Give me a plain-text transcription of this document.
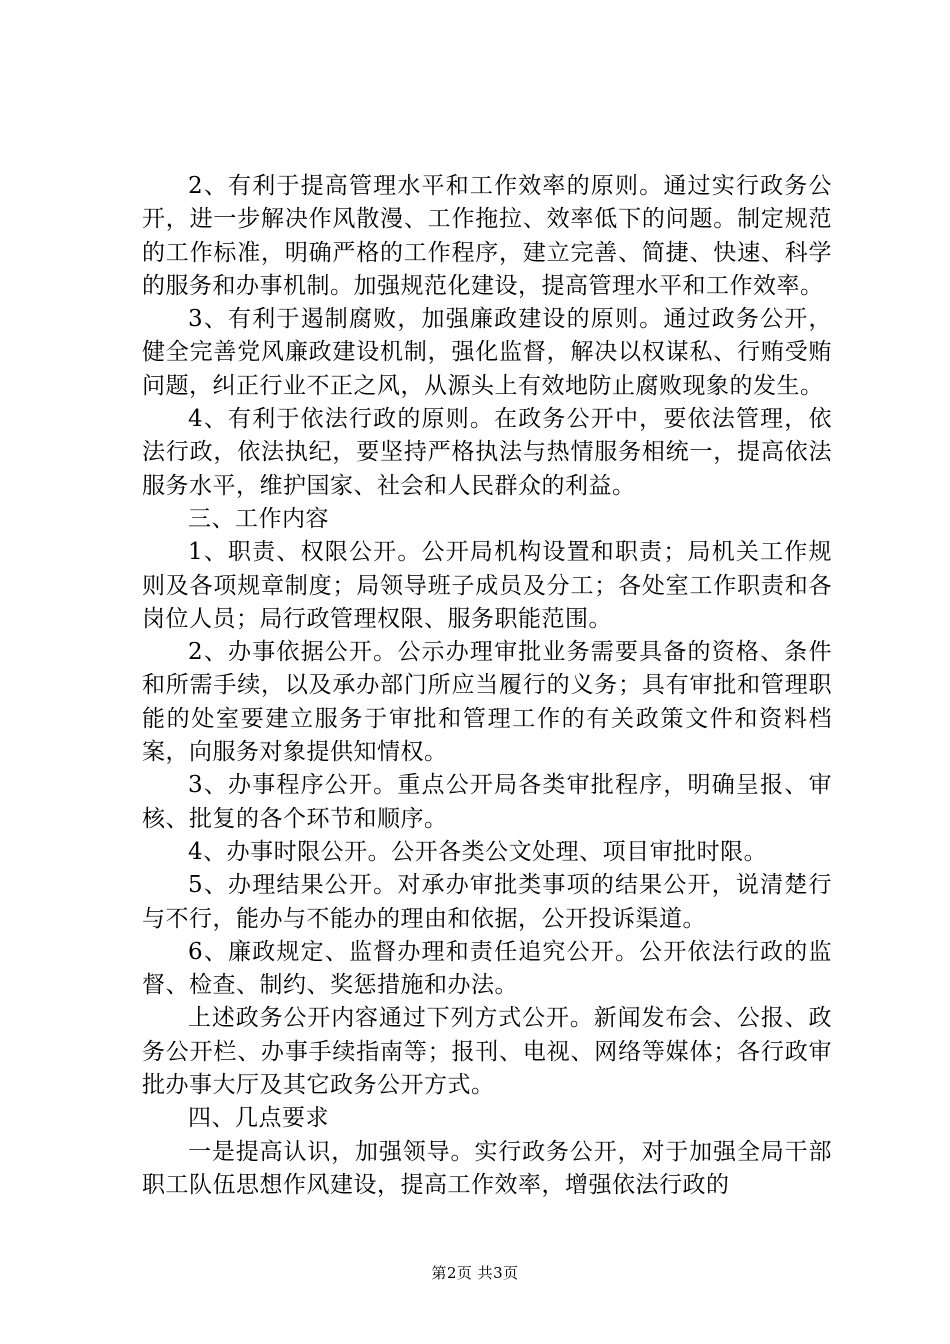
2、有利于提高管理水平和工作效率的原则。通过实行政务公开，进一步解决作风散漫、工作拖拉、效率低下的问题。制定规范的工作标准，明确严格的工作程序，建立完善、简捷、快速、科学的服务和办事机制。加强规范化建设，提高管理水平和工作效率。

3、有利于遏制腐败，加强廉政建设的原则。通过政务公开，健全完善党风廉政建设机制，强化监督，解决以权谋私、行贿受贿问题，纠正行业不正之风，从源头上有效地防止腐败现象的发生。

4、有利于依法行政的原则。在政务公开中，要依法管理，依法行政，依法执纪，要坚持严格执法与热情服务相统一，提高依法服务水平，维护国家、社会和人民群众的利益。

三、工作内容

1、职责、权限公开。公开局机构设置和职责；局机关工作规则及各项规章制度；局领导班子成员及分工；各处室工作职责和各岗位人员；局行政管理权限、服务职能范围。

2、办事依据公开。公示办理审批业务需要具备的资格、条件和所需手续，以及承办部门所应当履行的义务；具有审批和管理职能的处室要建立服务于审批和管理工作的有关政策文件和资料档案，向服务对象提供知情权。

3、办事程序公开。重点公开局各类审批程序，明确呈报、审核、批复的各个环节和顺序。

4、办事时限公开。公开各类公文处理、项目审批时限。

5、办理结果公开。对承办审批类事项的结果公开，说清楚行与不行，能办与不能办的理由和依据，公开投诉渠道。

6、廉政规定、监督办理和责任追究公开。公开依法行政的监督、检查、制约、奖惩措施和办法。

上述政务公开内容通过下列方式公开。新闻发布会、公报、政务公开栏、办事手续指南等；报刊、电视、网络等媒体；各行政审批办事大厅及其它政务公开方式。

四、几点要求

一是提高认识，加强领导。实行政务公开，对于加强全局干部职工队伍思想作风建设，提高工作效率，增强依法行政的

第2页 共3页
